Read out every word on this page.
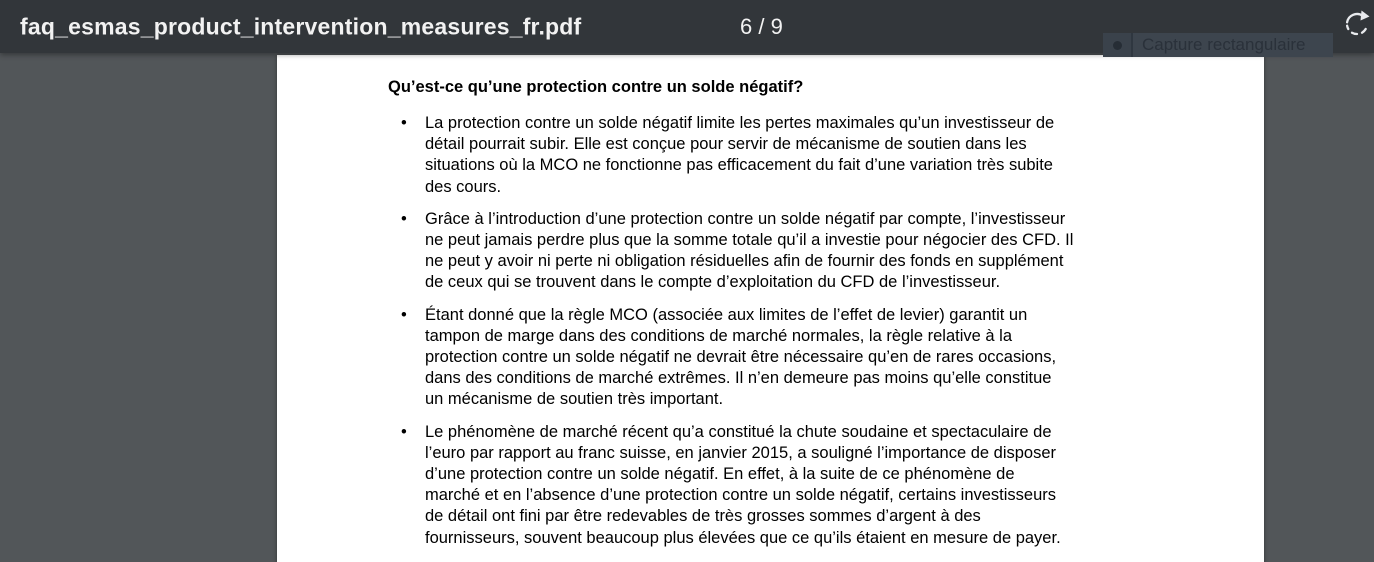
faq_esmas_product_intervention_measures_fr.pdf	6 / 9
Capture rectangulaire
Qu’est-ce qu’une protection contre un solde négatif?
•	La protection contre un solde négatif limite les pertes maximales qu’un investisseur de
détail pourrait subir. Elle est conçue pour servir de mécanisme de soutien dans les
situations où la MCO ne fonctionne pas efficacement du fait d’une variation très subite
des cours.
•	Grâce à l’introduction d’une protection contre un solde négatif par compte, l’investisseur
ne peut jamais perdre plus que la somme totale qu’il a investie pour négocier des CFD. Il
ne peut y avoir ni perte ni obligation résiduelles afin de fournir des fonds en supplément
de ceux qui se trouvent dans le compte d’exploitation du CFD de l’investisseur.
•	Étant donné que la règle MCO (associée aux limites de l’effet de levier) garantit un
tampon de marge dans des conditions de marché normales, la règle relative à la
protection contre un solde négatif ne devrait être nécessaire qu’en de rares occasions,
dans des conditions de marché extrêmes. Il n’en demeure pas moins qu’elle constitue
un mécanisme de soutien très important.
•	Le phénomène de marché récent qu’a constitué la chute soudaine et spectaculaire de
l’euro par rapport au franc suisse, en janvier 2015, a souligné l’importance de disposer
d’une protection contre un solde négatif. En effet, à la suite de ce phénomène de
marché et en l’absence d’une protection contre un solde négatif, certains investisseurs
de détail ont fini par être redevables de très grosses sommes d’argent à des
fournisseurs, souvent beaucoup plus élevées que ce qu’ils étaient en mesure de payer.
